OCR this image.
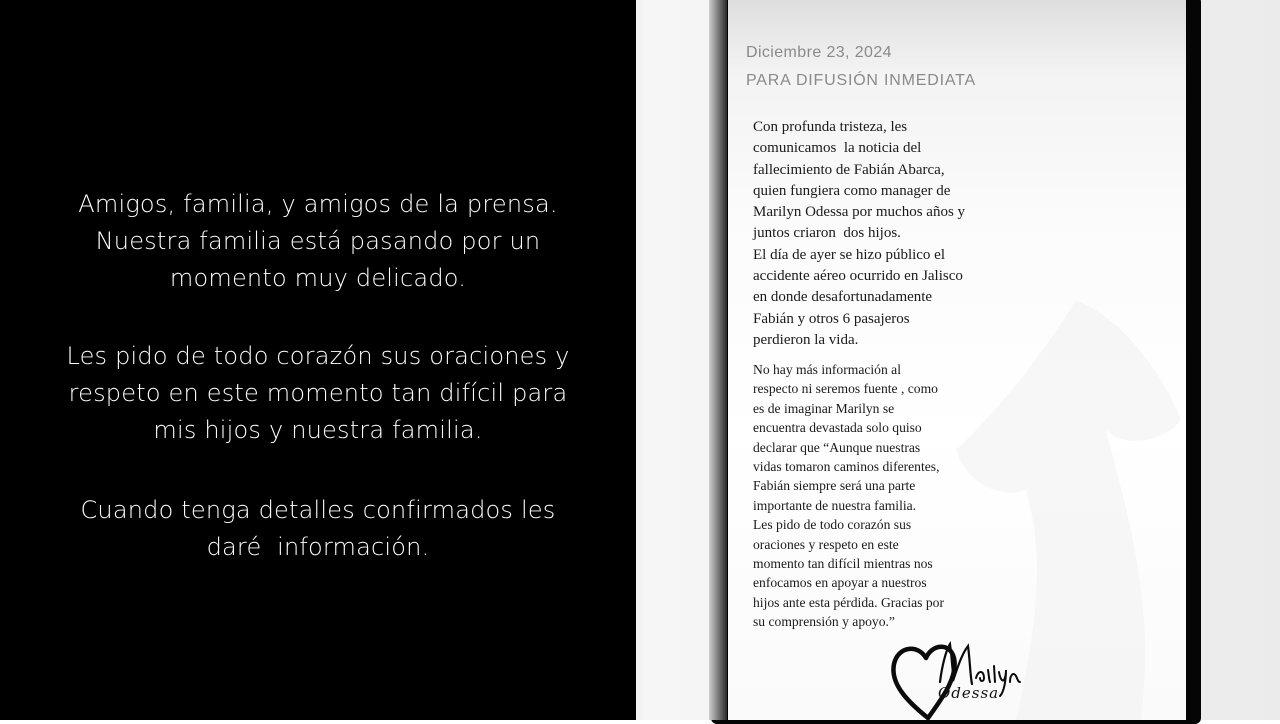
Amigos, familia, y amigos de la prensa.
Nuestra familia está pasando por un
momento muy delicado.
Les pido de todo corazón sus oraciones y
respeto en este momento tan difícil para
mis hijos y nuestra familia.
Cuando tenga detalles confirmados les
daré  información.
Diciembre 23, 2024
PARA DIFUSIÓN INMEDIATA
Con profunda tristeza, les
comunicamos  la noticia del
fallecimiento de Fabián Abarca,
quien fungiera como manager de
Marilyn Odessa por muchos años y
juntos criaron  dos hijos.
El día de ayer se hizo público el
accidente aéreo ocurrido en Jalisco
en donde desafortunadamente
Fabián y otros 6 pasajeros
perdieron la vida.
No hay más información al
respecto ni seremos fuente , como
es de imaginar Marilyn se
encuentra devastada solo quiso
declarar que “Aunque nuestras
vidas tomaron caminos diferentes,
Fabián siempre será una parte
importante de nuestra familia.
Les pido de todo corazón sus
oraciones y respeto en este
momento tan difícil mientras nos
enfocamos en apoyar a nuestros
hijos ante esta pérdida. Gracias por
su comprensión y apoyo.”
Odessa
